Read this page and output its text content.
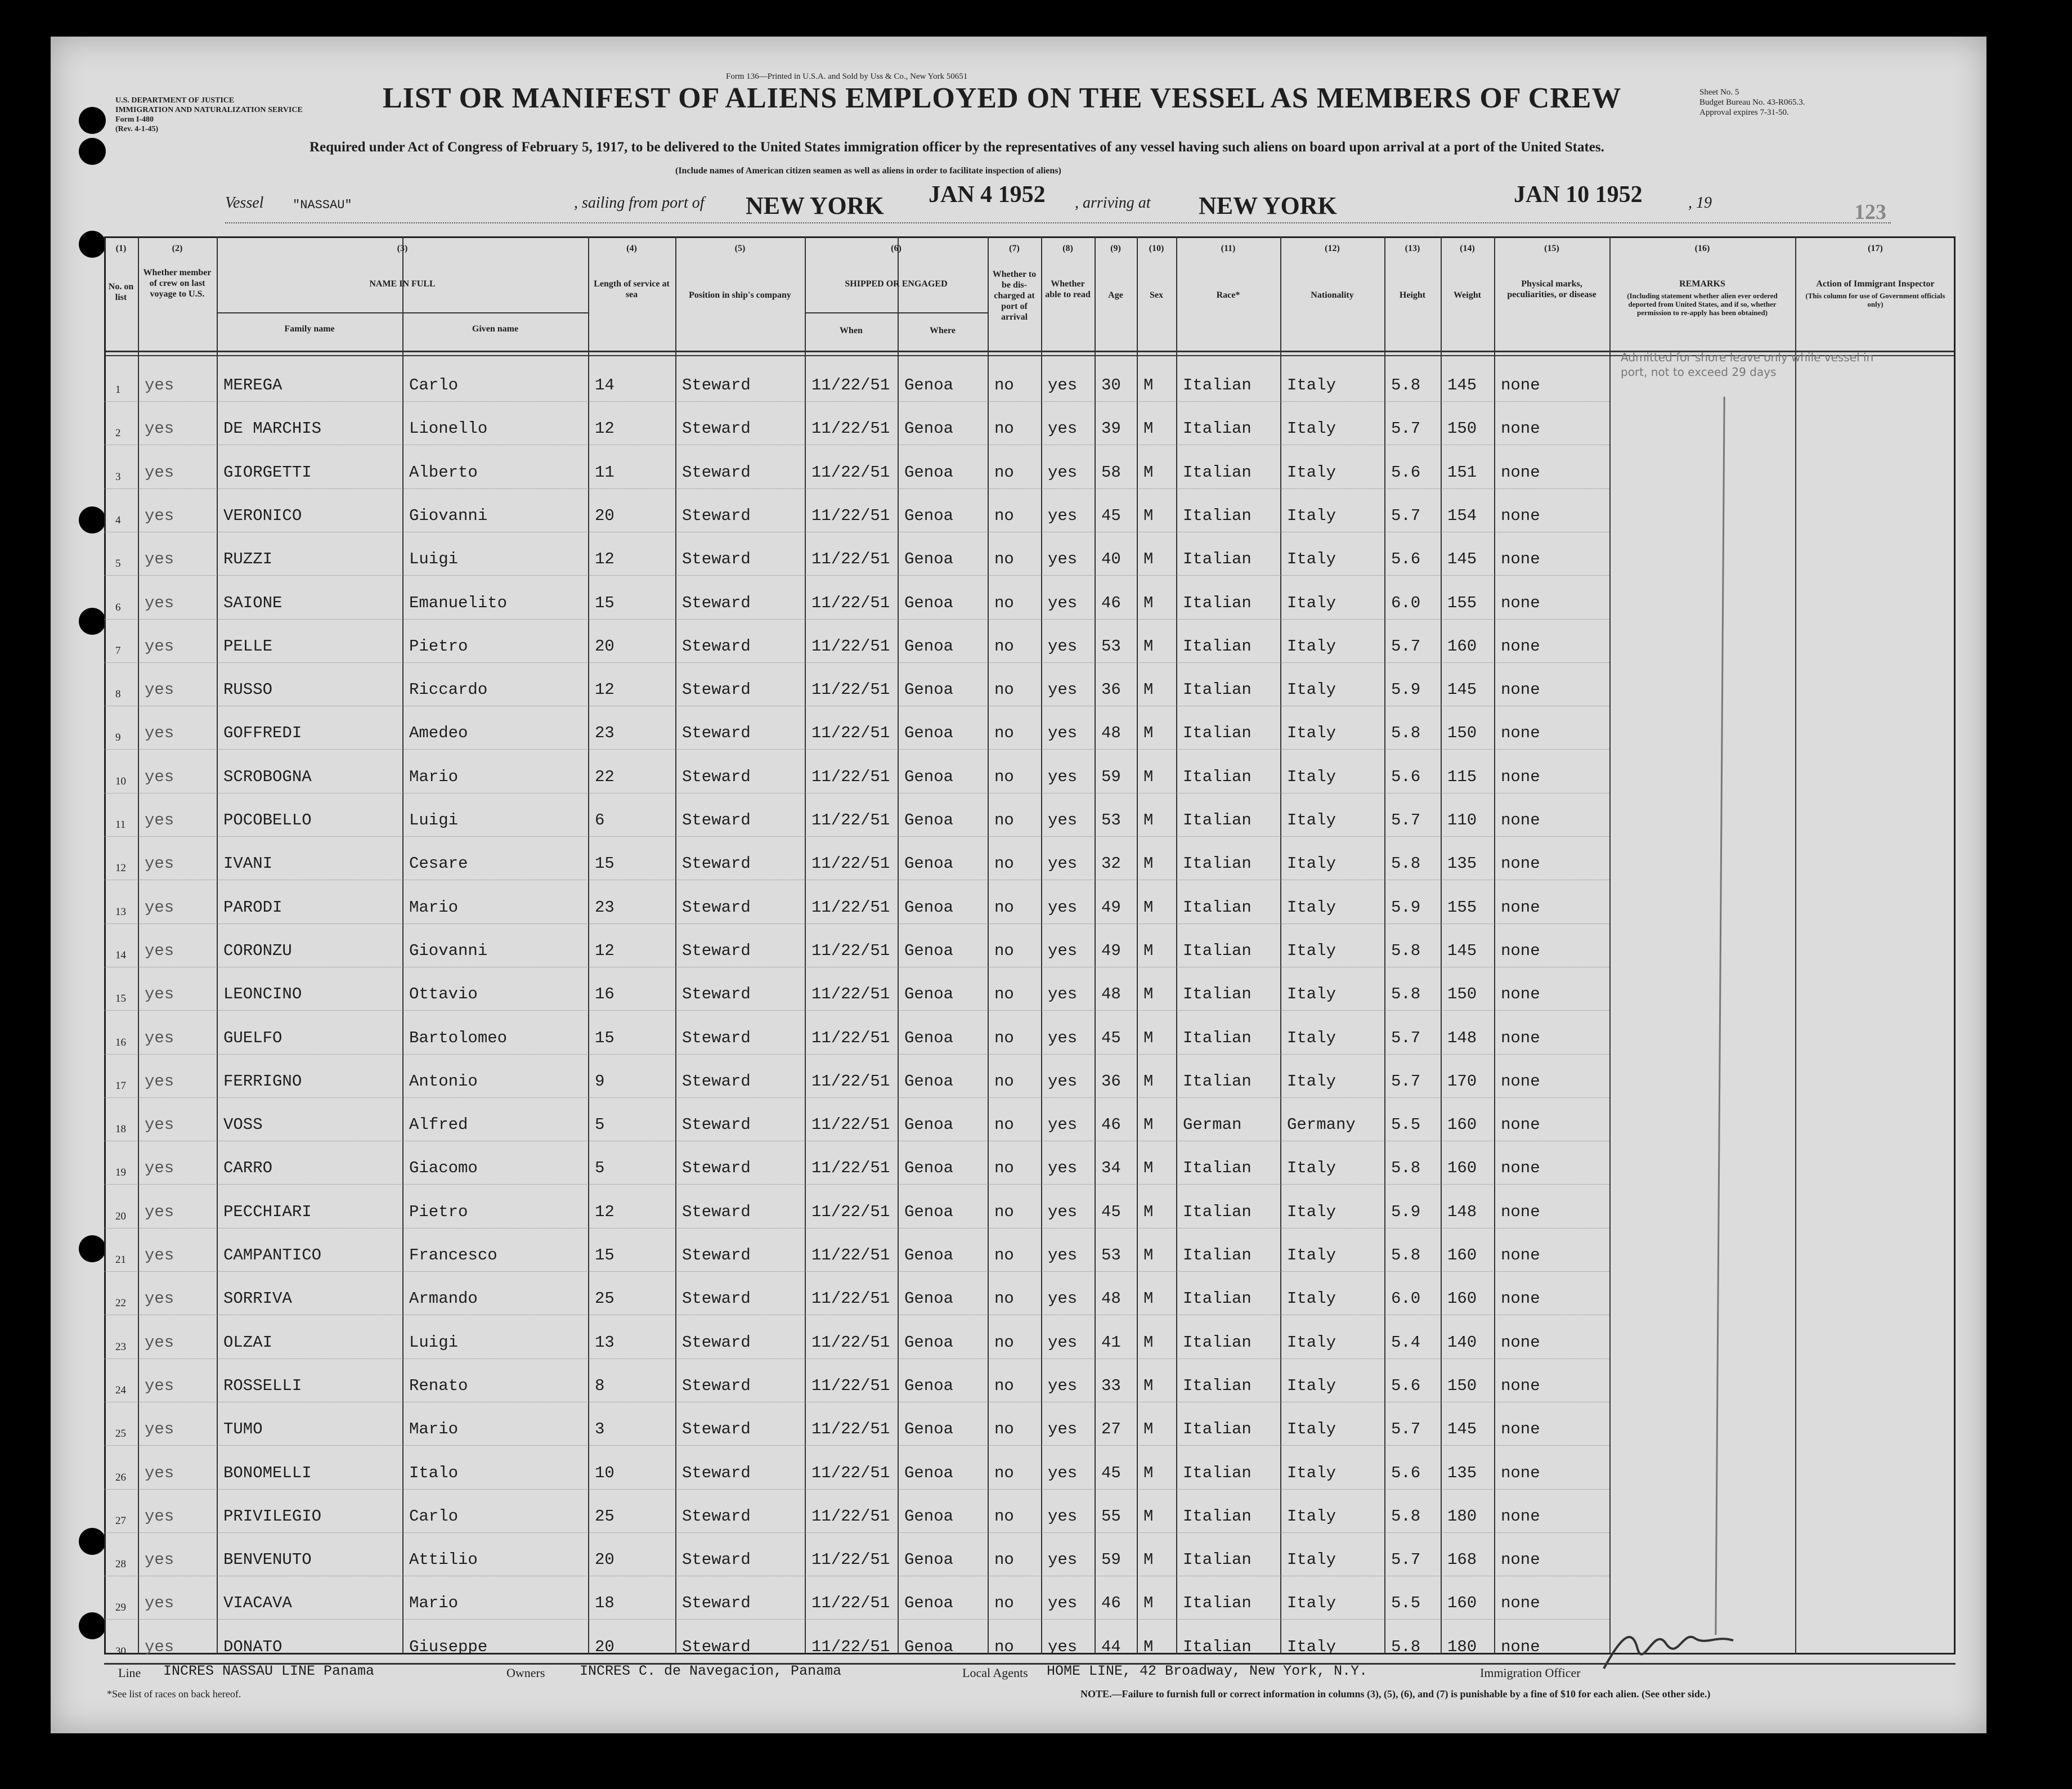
Form 136—Printed in U.S.A. and Sold by Uss & Co., New York 50651
U.S. DEPARTMENT OF JUSTICE
IMMIGRATION AND NATURALIZATION SERVICE
Form I-480
(Rev. 4-1-45)
LIST OR MANIFEST OF ALIENS EMPLOYED ON THE VESSEL AS MEMBERS OF CREW	Sheet No. 5
Budget Bureau No. 43-R065.3.
Approval expires 7-31-50.
Required under Act of Congress of February 5, 1917, to be delivered to the United States immigration officer by the representatives of any vessel having such aliens on board upon arrival at a port of the United States.
(Include names of American citizen seamen as well as aliens in order to facilitate inspection of aliens)
Vessel "NASSAU"	, sailing from port of NEW YORK JAN 4 1952 , arriving at NEW YORK	JAN 10 1952	, 19	123
(1)
No. on list
(2)
Whether member of crew on last voyage to U.S.
(3)
NAME IN FULL
Family name	Given name
(4)
Length of service at sea
(5)
Position in ship's company
(6)
SHIPPED OR ENGAGED
When	Where
(7)
Whether to be dis-charged at port of arrival
(8)
Whether able to read
(9)
Age
(10)
Sex
(11)
Race*
(12)
Nationality
(13)
Height
(14)
Weight
(15)
Physical marks, peculiarities, or disease
(16)
REMARKS
(17)
Action of Immigrant Inspector
(Including statement whether alien ever ordered deported from United States, and if so, whether permission to re-apply has been obtained)
(This column for use of Government officials only)
1 yes	MEREGA	Carlo	14	Steward	11/22/51 Genoa	no yes 30 M Italian Italy	5.8 145 none
2 yes	DE MARCHIS	Lionello	12	Steward	11/22/51 Genoa	no yes 39 M Italian Italy	5.7 150 none
3 yes	GIORGETTI	Alberto	11	Steward	11/22/51 Genoa	no yes 58 M Italian Italy	5.6 151 none
4 yes	VERONICO	Giovanni	20	Steward	11/22/51 Genoa	no yes 45 M Italian Italy	5.7 154 none
5 yes	RUZZI	Luigi	12	Steward	11/22/51 Genoa	no yes 40 M Italian Italy	5.6 145 none
6 yes	SAIONE	Emanuelito	15	Steward	11/22/51 Genoa	no yes 46 M Italian Italy	6.0 155 none
7 yes	PELLE	Pietro	20	Steward	11/22/51 Genoa	no yes 53 M Italian Italy	5.7 160 none
8 yes	RUSSO	Riccardo	12	Steward	11/22/51 Genoa	no yes 36 M Italian Italy	5.9 145 none
9 yes	GOFFREDI	Amedeo	23	Steward	11/22/51 Genoa	no yes 48 M Italian Italy	5.8 150 none
10 yes	SCROBOGNA	Mario	22	Steward	11/22/51 Genoa	no yes 59 M Italian Italy	5.6 115 none
11 yes	POCOBELLO	Luigi	6	Steward	11/22/51 Genoa	no yes 53 M Italian Italy	5.7 110 none
12 yes	IVANI	Cesare	15	Steward	11/22/51 Genoa	no yes 32 M Italian Italy	5.8 135 none
13 yes	PARODI	Mario	23	Steward	11/22/51 Genoa	no yes 49 M Italian Italy	5.9 155 none
14 yes	CORONZU	Giovanni	12	Steward	11/22/51 Genoa	no yes 49 M Italian Italy	5.8 145 none
15 yes	LEONCINO	Ottavio	16	Steward	11/22/51 Genoa	no yes 48 M Italian Italy	5.8 150 none
16 yes	GUELFO	Bartolomeo	15	Steward	11/22/51 Genoa	no yes 45 M Italian Italy	5.7 148 none
17 yes	FERRIGNO	Antonio	9	Steward	11/22/51 Genoa	no yes 36 M Italian Italy	5.7 170 none
18 yes	VOSS	Alfred	5	Steward	11/22/51 Genoa	no yes 46 M German	Germany 5.5 160 none
19 yes	CARRO	Giacomo	5	Steward	11/22/51 Genoa	no yes 34 M Italian Italy	5.8 160 none
20 yes	PECCHIARI	Pietro	12	Steward	11/22/51 Genoa	no yes 45 M Italian Italy	5.9 148 none
21 yes	CAMPANTICO	Francesco	15	Steward	11/22/51 Genoa	no yes 53 M Italian Italy	5.8 160 none
22 yes	SORRIVA	Armando	25	Steward	11/22/51 Genoa	no yes 48 M Italian Italy	6.0 160 none
23 yes	OLZAI	Luigi	13	Steward	11/22/51 Genoa	no yes 41 M Italian Italy	5.4 140 none
24 yes	ROSSELLI	Renato	8	Steward	11/22/51 Genoa	no yes 33 M Italian Italy	5.6 150 none
25 yes	TUMO	Mario	3	Steward	11/22/51 Genoa	no yes 27 M Italian Italy	5.7 145 none
26 yes	BONOMELLI	Italo	10	Steward	11/22/51 Genoa	no yes 45 M Italian Italy	5.6 135 none
27 yes	PRIVILEGIO	Carlo	25	Steward	11/22/51 Genoa	no yes 55 M Italian Italy	5.8 180 none
28 yes	BENVENUTO	Attilio	20	Steward	11/22/51 Genoa	no yes 59 M Italian Italy	5.7 168 none
29 yes	VIACAVA	Mario	18	Steward	11/22/51 Genoa	no yes 46 M Italian Italy	5.5 160 none
30 yes	DONATO	Giuseppe	20	Steward	11/22/51 Genoa	no yes 44 M Italian Italy	5.8 180 none
Admitted for shore leave only while vessel in port, not to exceed 29 days
Line INCRES NASSAU LINE Panama	Owners INCRES C. de Navegacion, Panama	Local Agents HOME LINE, 42 Broadway, New York, N.Y.	Immigration Officer
*See list of races on back hereof.	NOTE.—Failure to furnish full or correct information in columns (3), (5), (6), and (7) is punishable by a fine of $10 for each alien. (See other side.)
